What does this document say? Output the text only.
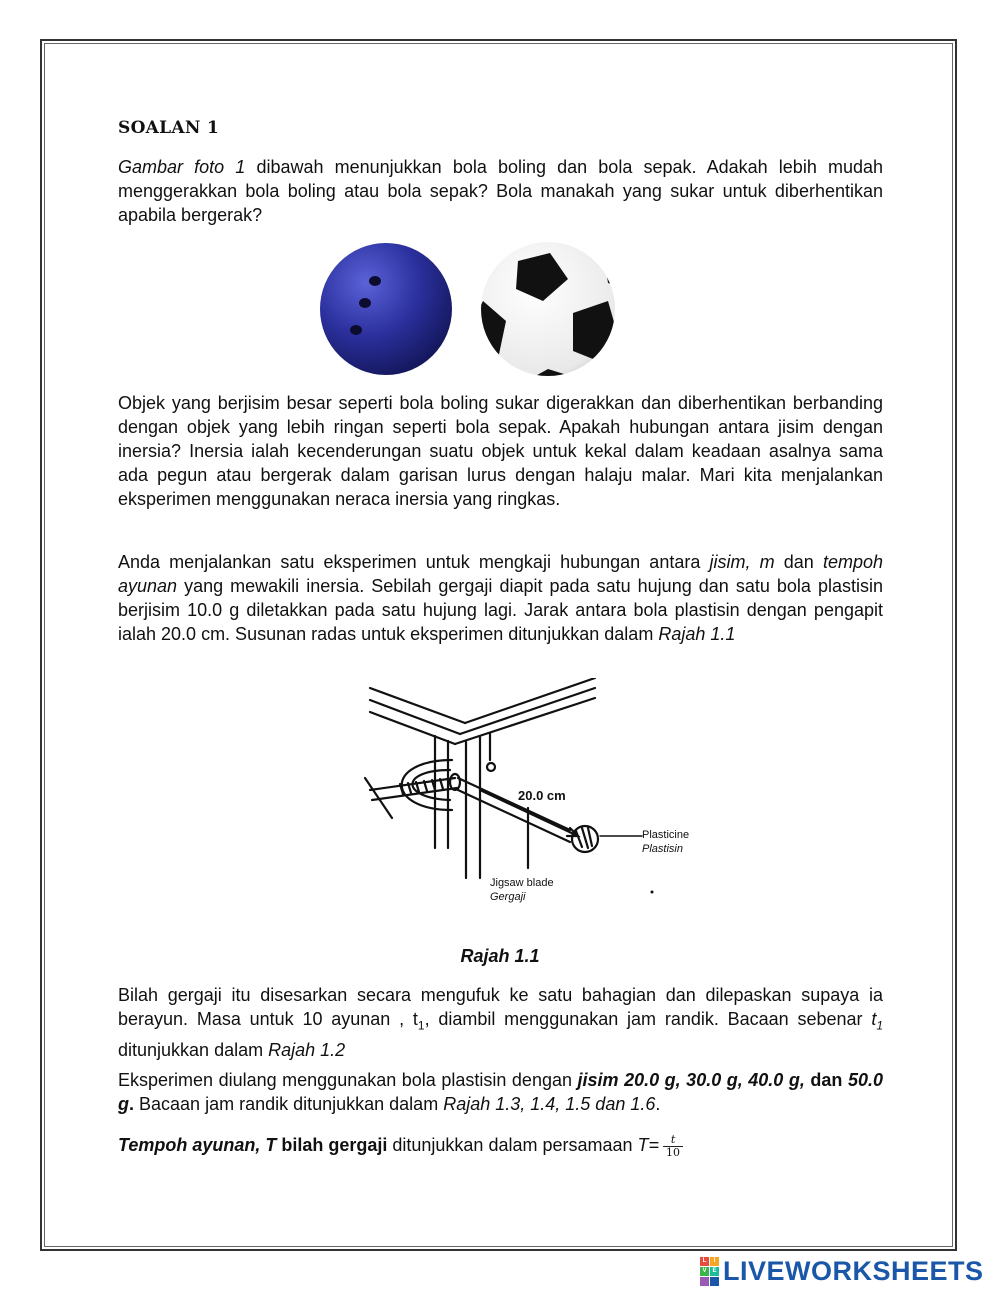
SOALAN 1

Gambar foto 1 dibawah menunjukkan bola boling dan bola sepak. Adakah lebih mudah menggerakkan bola boling atau bola sepak? Bola manakah yang sukar untuk diberhentikan apabila bergerak?

Objek yang berjisim besar seperti bola boling sukar digerakkan dan diberhentikan berbanding dengan objek yang lebih ringan seperti bola sepak. Apakah hubungan antara jisim dengan inersia? Inersia ialah kecenderungan suatu objek untuk kekal dalam keadaan asalnya sama ada pegun atau bergerak dalam garisan lurus dengan halaju malar. Mari kita menjalankan eksperimen menggunakan neraca inersia yang ringkas.

Anda menjalankan satu eksperimen untuk mengkaji hubungan antara jisim, m dan tempoh ayunan yang mewakili inersia. Sebilah gergaji diapit pada satu hujung dan satu bola plastisin berjisim 10.0 g diletakkan pada satu hujung lagi. Jarak antara bola plastisin dengan pengapit ialah 20.0 cm. Susunan radas untuk eksperimen ditunjukkan dalam Rajah 1.1

20.0 cm
Plasticine
Plastisin
Jigsaw blade
Gergaji
Rajah 1.1

Bilah gergaji itu disesarkan secara mengufuk ke satu bahagian dan dilepaskan supaya ia berayun. Masa untuk 10 ayunan , $t_1$, diambil menggunakan jam randik. Bacaan sebenar $t_1$ ditunjukkan dalam Rajah 1.2

Eksperimen diulang menggunakan bola plastisin dengan jisim 20.0 g, 30.0 g, 40.0 g, dan 50.0 g. Bacaan jam randik ditunjukkan dalam Rajah 1.3, 1.4, 1.5 dan 1.6.

Tempoh ayunan, T bilah gergaji ditunjukkan dalam persamaan $T= \frac{t}{10}$

L	I
V E LIVEWORKSHEETS
